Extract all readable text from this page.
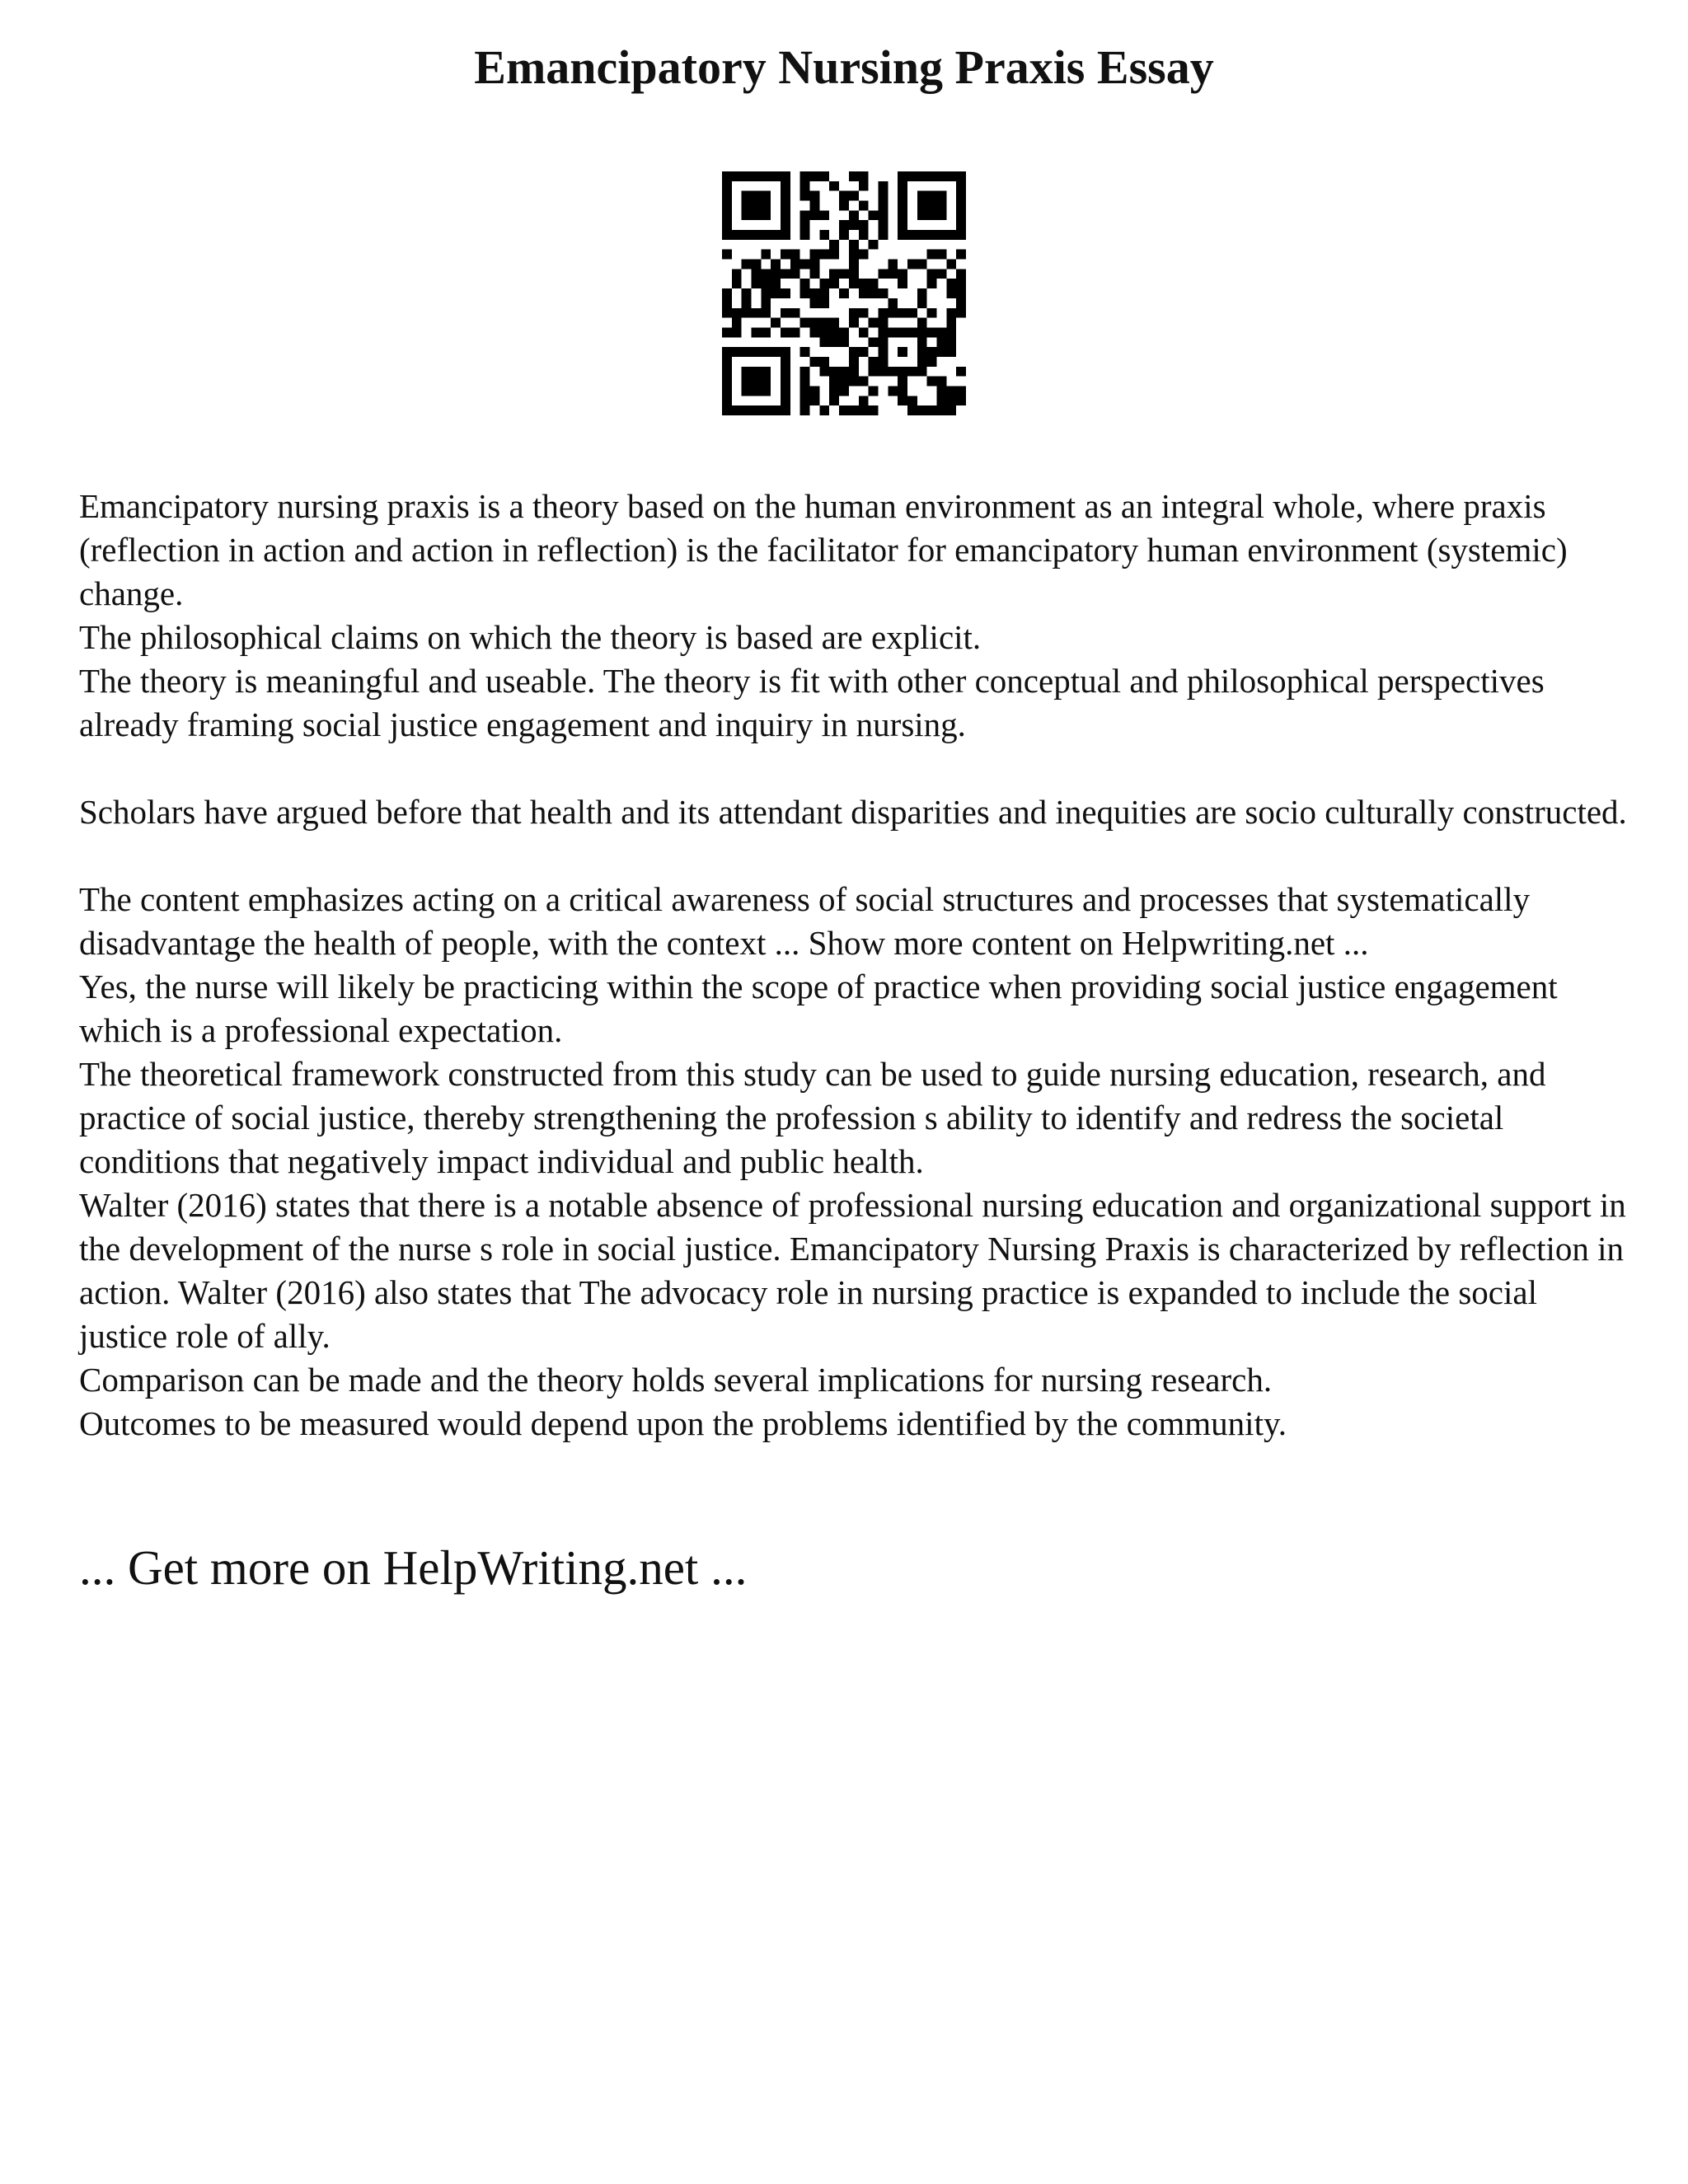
Emancipatory Nursing Praxis Essay

Emancipatory nursing praxis is a theory based on the human environment as an integral whole, where praxis (reflection in action and action in reflection) is the facilitator for emancipatory human environment (systemic) change.

The philosophical claims on which the theory is based are explicit.

The theory is meaningful and useable. The theory is fit with other conceptual and philosophical perspectives already framing social justice engagement and inquiry in nursing.

Scholars have argued before that health and its attendant disparities and inequities are socio culturally constructed.

The content emphasizes acting on a critical awareness of social structures and processes that systematically disadvantage the health of people, with the context ... Show more content on Helpwriting.net ...

Yes, the nurse will likely be practicing within the scope of practice when providing social justice engagement which is a professional expectation.

The theoretical framework constructed from this study can be used to guide nursing education, research, and practice of social justice, thereby strengthening the profession s ability to identify and redress the societal conditions that negatively impact individual and public health.

Walter (2016) states that there is a notable absence of professional nursing education and organizational support in the development of the nurse s role in social justice. Emancipatory Nursing Praxis is characterized by reflection in action. Walter (2016) also states that The advocacy role in nursing practice is expanded to include the social justice role of ally.

Comparison can be made and the theory holds several implications for nursing research.

Outcomes to be measured would depend upon the problems identified by the community.

... Get more on HelpWriting.net ...
